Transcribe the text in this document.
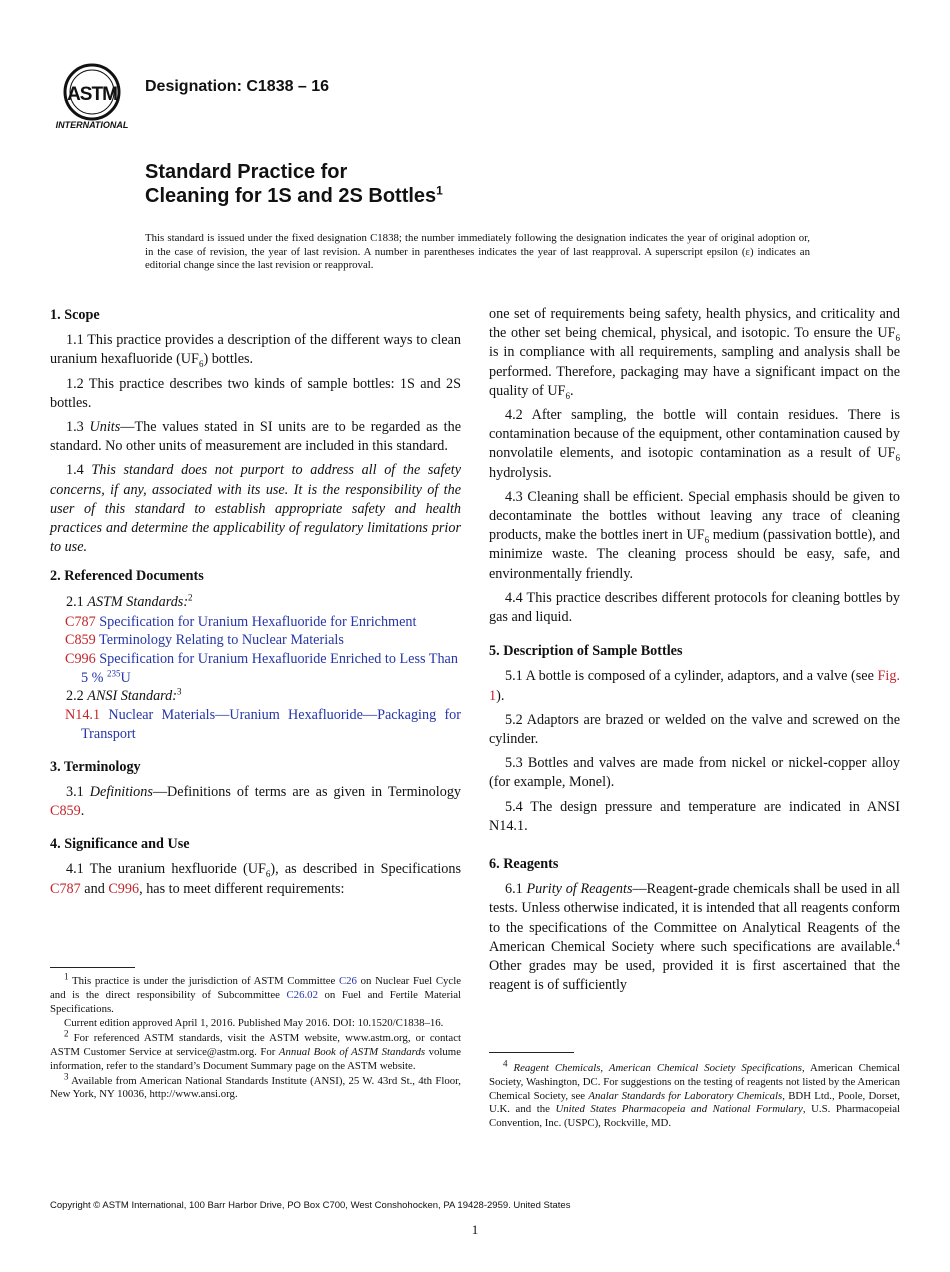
ASTM
INTERNATIONAL
Designation: C1838 – 16
Standard Practice for
Cleaning for 1S and 2S Bottles$^1$
This standard is issued under the fixed designation C1838; the number immediately following the designation indicates the year of original adoption or, in the case of revision, the year of last revision. A number in parentheses indicates the year of last reapproval. A superscript epsilon (ε) indicates an editorial change since the last revision or reapproval.
1. Scope

1.1 This practice provides a description of the different ways to clean uranium hexafluoride $(UF_6)$ bottles.

1.2 This practice describes two kinds of sample bottles: 1S and 2S bottles.

1.3 Units—The values stated in SI units are to be regarded as the standard. No other units of measurement are included in this standard.

1.4 This standard does not purport to address all of the safety concerns, if any, associated with its use. It is the responsibility of the user of this standard to establish appropriate safety and health practices and determine the applicability of regulatory limitations prior to use.

2. Referenced Documents

2.1 ASTM Standards:$^2$

C787 Specification for Uranium Hexafluoride for Enrichment
C859 Terminology Relating to Nuclear Materials
C996 Specification for Uranium Hexafluoride Enriched to Less Than 5 % $^{235}$U

2.2 ANSI Standard:$^3$

N14.1 Nuclear Materials—Uranium Hexafluoride—Packaging for Transport
3. Terminology

3.1 Definitions—Definitions of terms are as given in Terminology C859.

4. Significance and Use

4.1 The uranium hexfluoride $(UF_6)$, as described in Specifications C787 and C996, has to meet different requirements:

$^1$ This practice is under the jurisdiction of ASTM Committee C26 on Nuclear Fuel Cycle and is the direct responsibility of Subcommittee C26.02 on Fuel and Fertile Material Specifications.

Current edition approved April 1, 2016. Published May 2016. DOI: 10.1520/C1838–16.

$^2$ For referenced ASTM standards, visit the ASTM website, www.astm.org, or contact ASTM Customer Service at service@astm.org. For Annual Book of ASTM Standards volume information, refer to the standard’s Document Summary page on the ASTM website.

$^3$ Available from American National Standards Institute (ANSI), 25 W. 43rd St., 4th Floor, New York, NY 10036, http://www.ansi.org.

one set of requirements being safety, health physics, and criticality and the other set being chemical, physical, and isotopic. To ensure the $UF_6$ is in compliance with all requirements, sampling and analysis shall be performed. Therefore, packaging may have a significant impact on the quality of $UF_6$.

4.2 After sampling, the bottle will contain residues. There is contamination because of the equipment, other contamination caused by nonvolatile elements, and isotopic contamination as a result of $UF_6$ hydrolysis.

4.3 Cleaning shall be efficient. Special emphasis should be given to decontaminate the bottles without leaving any trace of cleaning products, make the bottles inert in $UF_6$ medium (passivation bottle), and minimize waste. The cleaning process should be easy, safe, and environmentally friendly.

4.4 This practice describes different protocols for cleaning bottles by gas and liquid.

5. Description of Sample Bottles

5.1 A bottle is composed of a cylinder, adaptors, and a valve (see Fig. 1).

5.2 Adaptors are brazed or welded on the valve and screwed on the cylinder.

5.3 Bottles and valves are made from nickel or nickel-copper alloy (for example, Monel).

5.4 The design pressure and temperature are indicated in ANSI N14.1.

6. Reagents

6.1 Purity of Reagents—Reagent-grade chemicals shall be used in all tests. Unless otherwise indicated, it is intended that all reagents conform to the specifications of the Committee on Analytical Reagents of the American Chemical Society where such specifications are available.$^4$ Other grades may be used, provided it is first ascertained that the reagent is of sufficiently

$^4$ Reagent Chemicals, American Chemical Society Specifications, American Chemical Society, Washington, DC. For suggestions on the testing of reagents not listed by the American Chemical Society, see Analar Standards for Laboratory Chemicals, BDH Ltd., Poole, Dorset, U.K. and the United States Pharmacopeia and National Formulary, U.S. Pharmacopeial Convention, Inc. (USPC), Rockville, MD.

Copyright © ASTM International, 100 Barr Harbor Drive, PO Box C700, West Conshohocken, PA 19428-2959. United States
1
